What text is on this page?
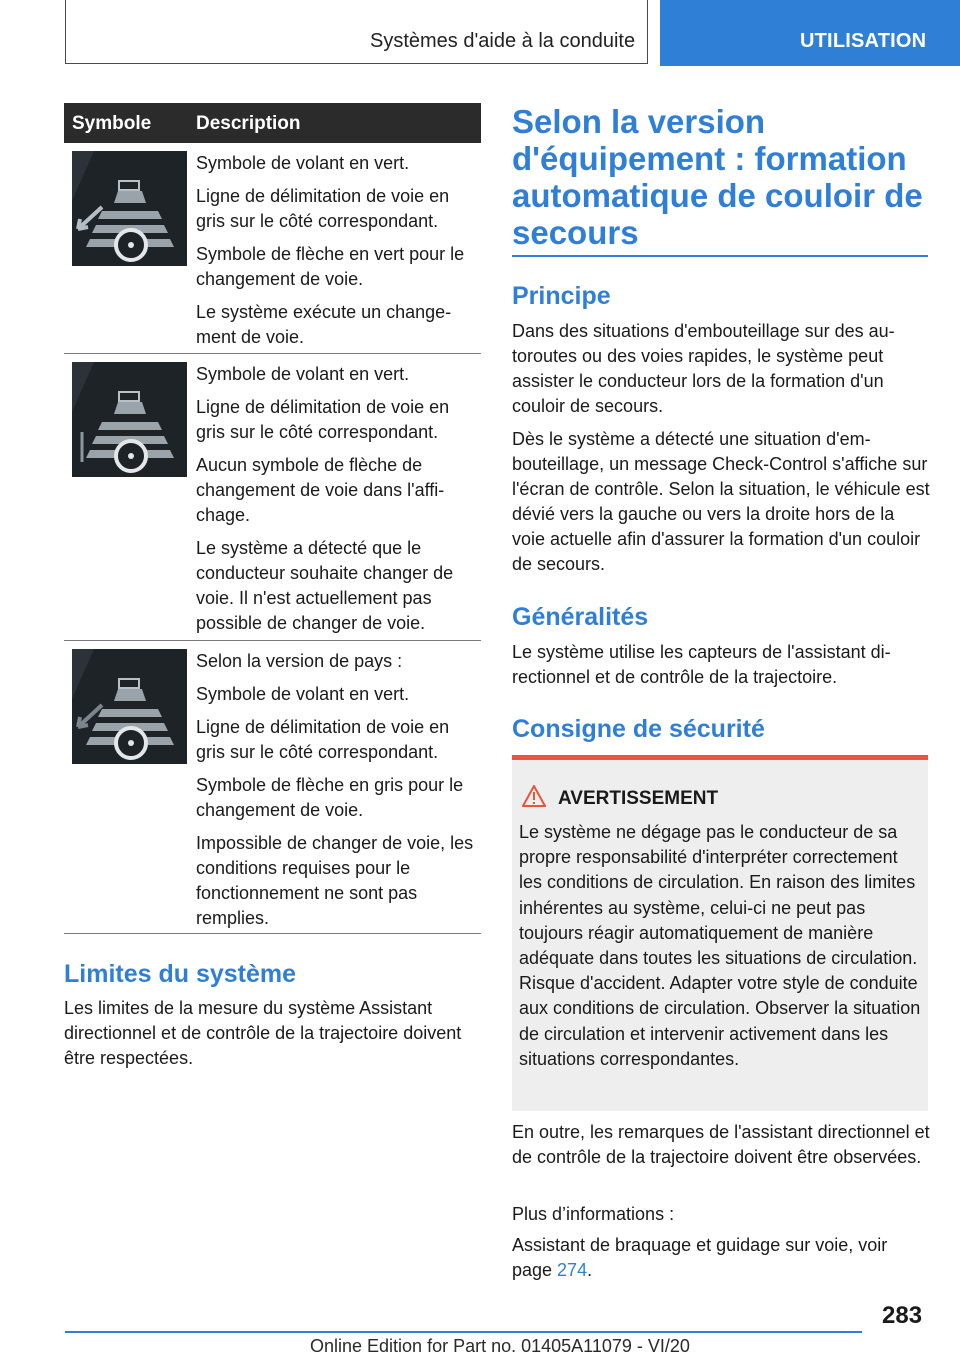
Systèmes d'aide à la conduite	UTILISATION
Symbole Description

Symbole de volant en vert.

Ligne de délimitation de voie en gris sur le côté correspondant.

Symbole de flèche en vert pour le changement de voie.

Le système exécute un changement de voie.

Symbole de volant en vert.

Ligne de délimitation de voie en gris sur le côté correspondant.

Aucun symbole de flèche de changement de voie dans l'affichage.

Le système a détecté que le conducteur souhaite changer de voie. Il n'est actuellement pas possible de changer de voie.

Selon la version de pays :

Symbole de volant en vert.

Ligne de délimitation de voie en gris sur le côté correspondant.

Symbole de flèche en gris pour le changement de voie.

Impossible de changer de voie, les conditions requises pour le fonctionnement ne sont pas remplies.

Limites du système

Les limites de la mesure du système Assistant directionnel et de contrôle de la trajectoire doivent être respectées.

Selon la version d'équipement : formation automatique de couloir de secours
Principe

Dans des situations d'embouteillage sur des autoroutes ou des voies rapides, le système peut assister le conducteur lors de la formation d'un couloir de secours.

Dès le système a détecté une situation d'embouteillage, un message Check-Control s'affiche sur l'écran de contrôle. Selon la situation, le véhicule est dévié vers la gauche ou vers la droite hors de la voie actuelle afin d'assurer la formation d'un couloir de secours.

Généralités

Le système utilise les capteurs de l'assistant directionnel et de contrôle de la trajectoire.

Consigne de sécurité
AVERTISSEMENT

Le système ne dégage pas le conducteur de sa propre responsabilité d'interpréter correctement les conditions de circulation. En raison des limites inhérentes au système, celui-ci ne peut pas toujours réagir automatiquement de manière adéquate dans toutes les situations de circulation. Risque d'accident. Adapter votre style de conduite aux conditions de circulation. Observer la situation de circulation et intervenir activement dans les situations correspondantes.

En outre, les remarques de l'assistant directionnel et de contrôle de la trajectoire doivent être observées.

Plus d’informations :

Assistant de braquage et guidage sur voie, voir page 274.

283
Online Edition for Part no. 01405A11079 - VI/20
